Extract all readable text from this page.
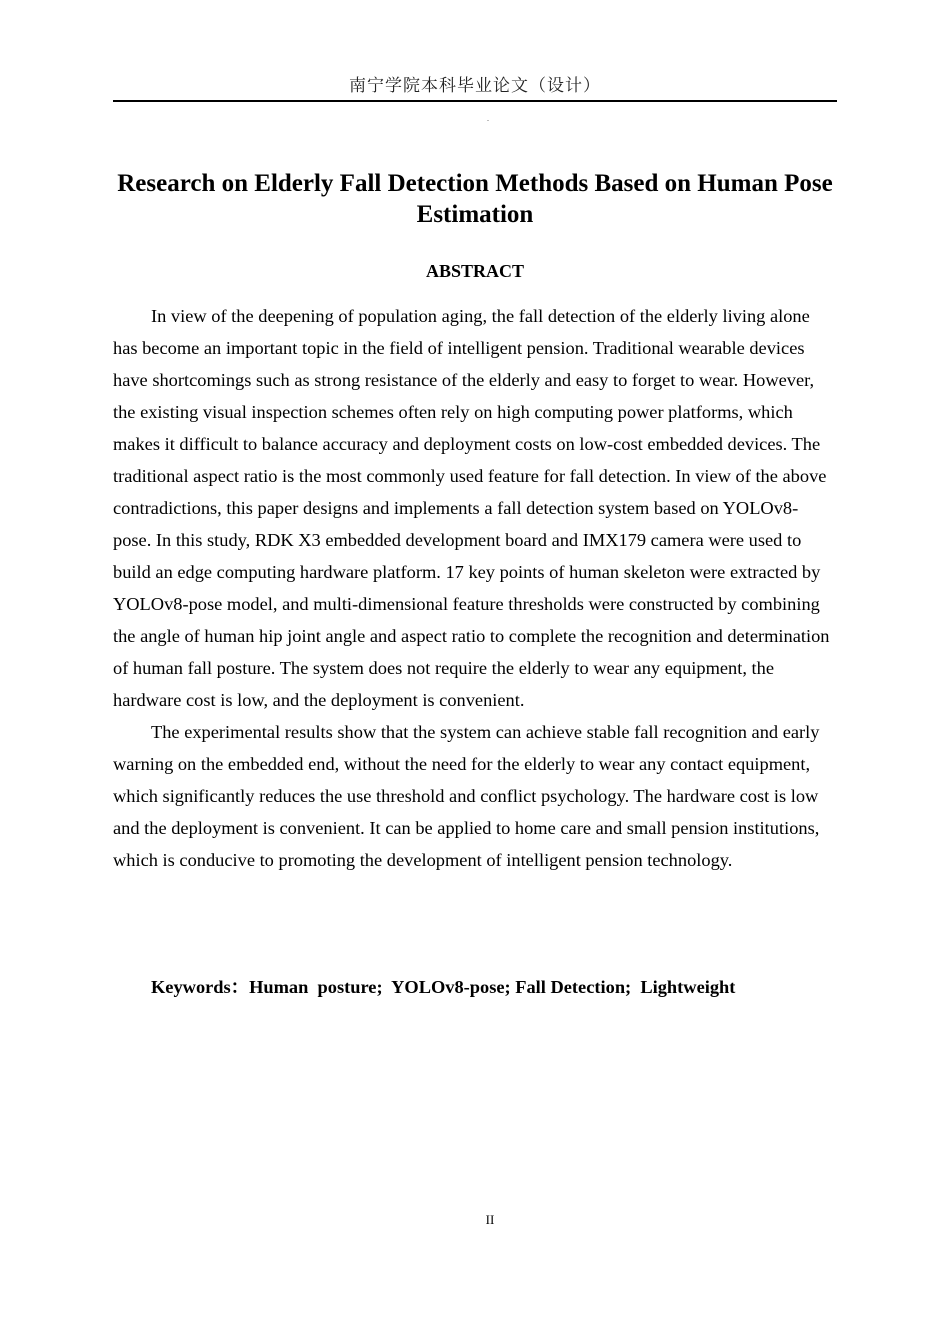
南宁学院本科毕业论文（设计）
.
Research on Elderly Fall Detection Methods Based on Human Pose Estimation
ABSTRACT

In view of the deepening of population aging, the fall detection of the elderly living alone has become an important topic in the field of intelligent pension. Traditional wearable devices have shortcomings such as strong resistance of the elderly and easy to forget to wear. However, the existing visual inspection schemes often rely on high computing power platforms, which makes it difficult to balance accuracy and deployment costs on low-cost embedded devices. The traditional aspect ratio is the most commonly used feature for fall detection. In view of the above contradictions, this paper designs and implements a fall detection system based on YOLOv8-pose. In this study, RDK X3 embedded development board and IMX179 camera were used to build an edge computing hardware platform. 17 key points of human skeleton were extracted by YOLOv8-pose model, and multi-dimensional feature thresholds were constructed by combining the angle of human hip joint angle and aspect ratio to complete the recognition and determination of human fall posture. The system does not require the elderly to wear any equipment, the hardware cost is low, and the deployment is convenient.

The experimental results show that the system can achieve stable fall recognition and early warning on the embedded end, without the need for the elderly to wear any contact equipment, which significantly reduces the use threshold and conflict psychology. The hardware cost is low and the deployment is convenient. It can be applied to home care and small pension institutions, which is conducive to promoting the development of intelligent pension technology.

Keywords：Human  posture;  YOLOv8-pose; Fall Detection;  Lightweight
II
